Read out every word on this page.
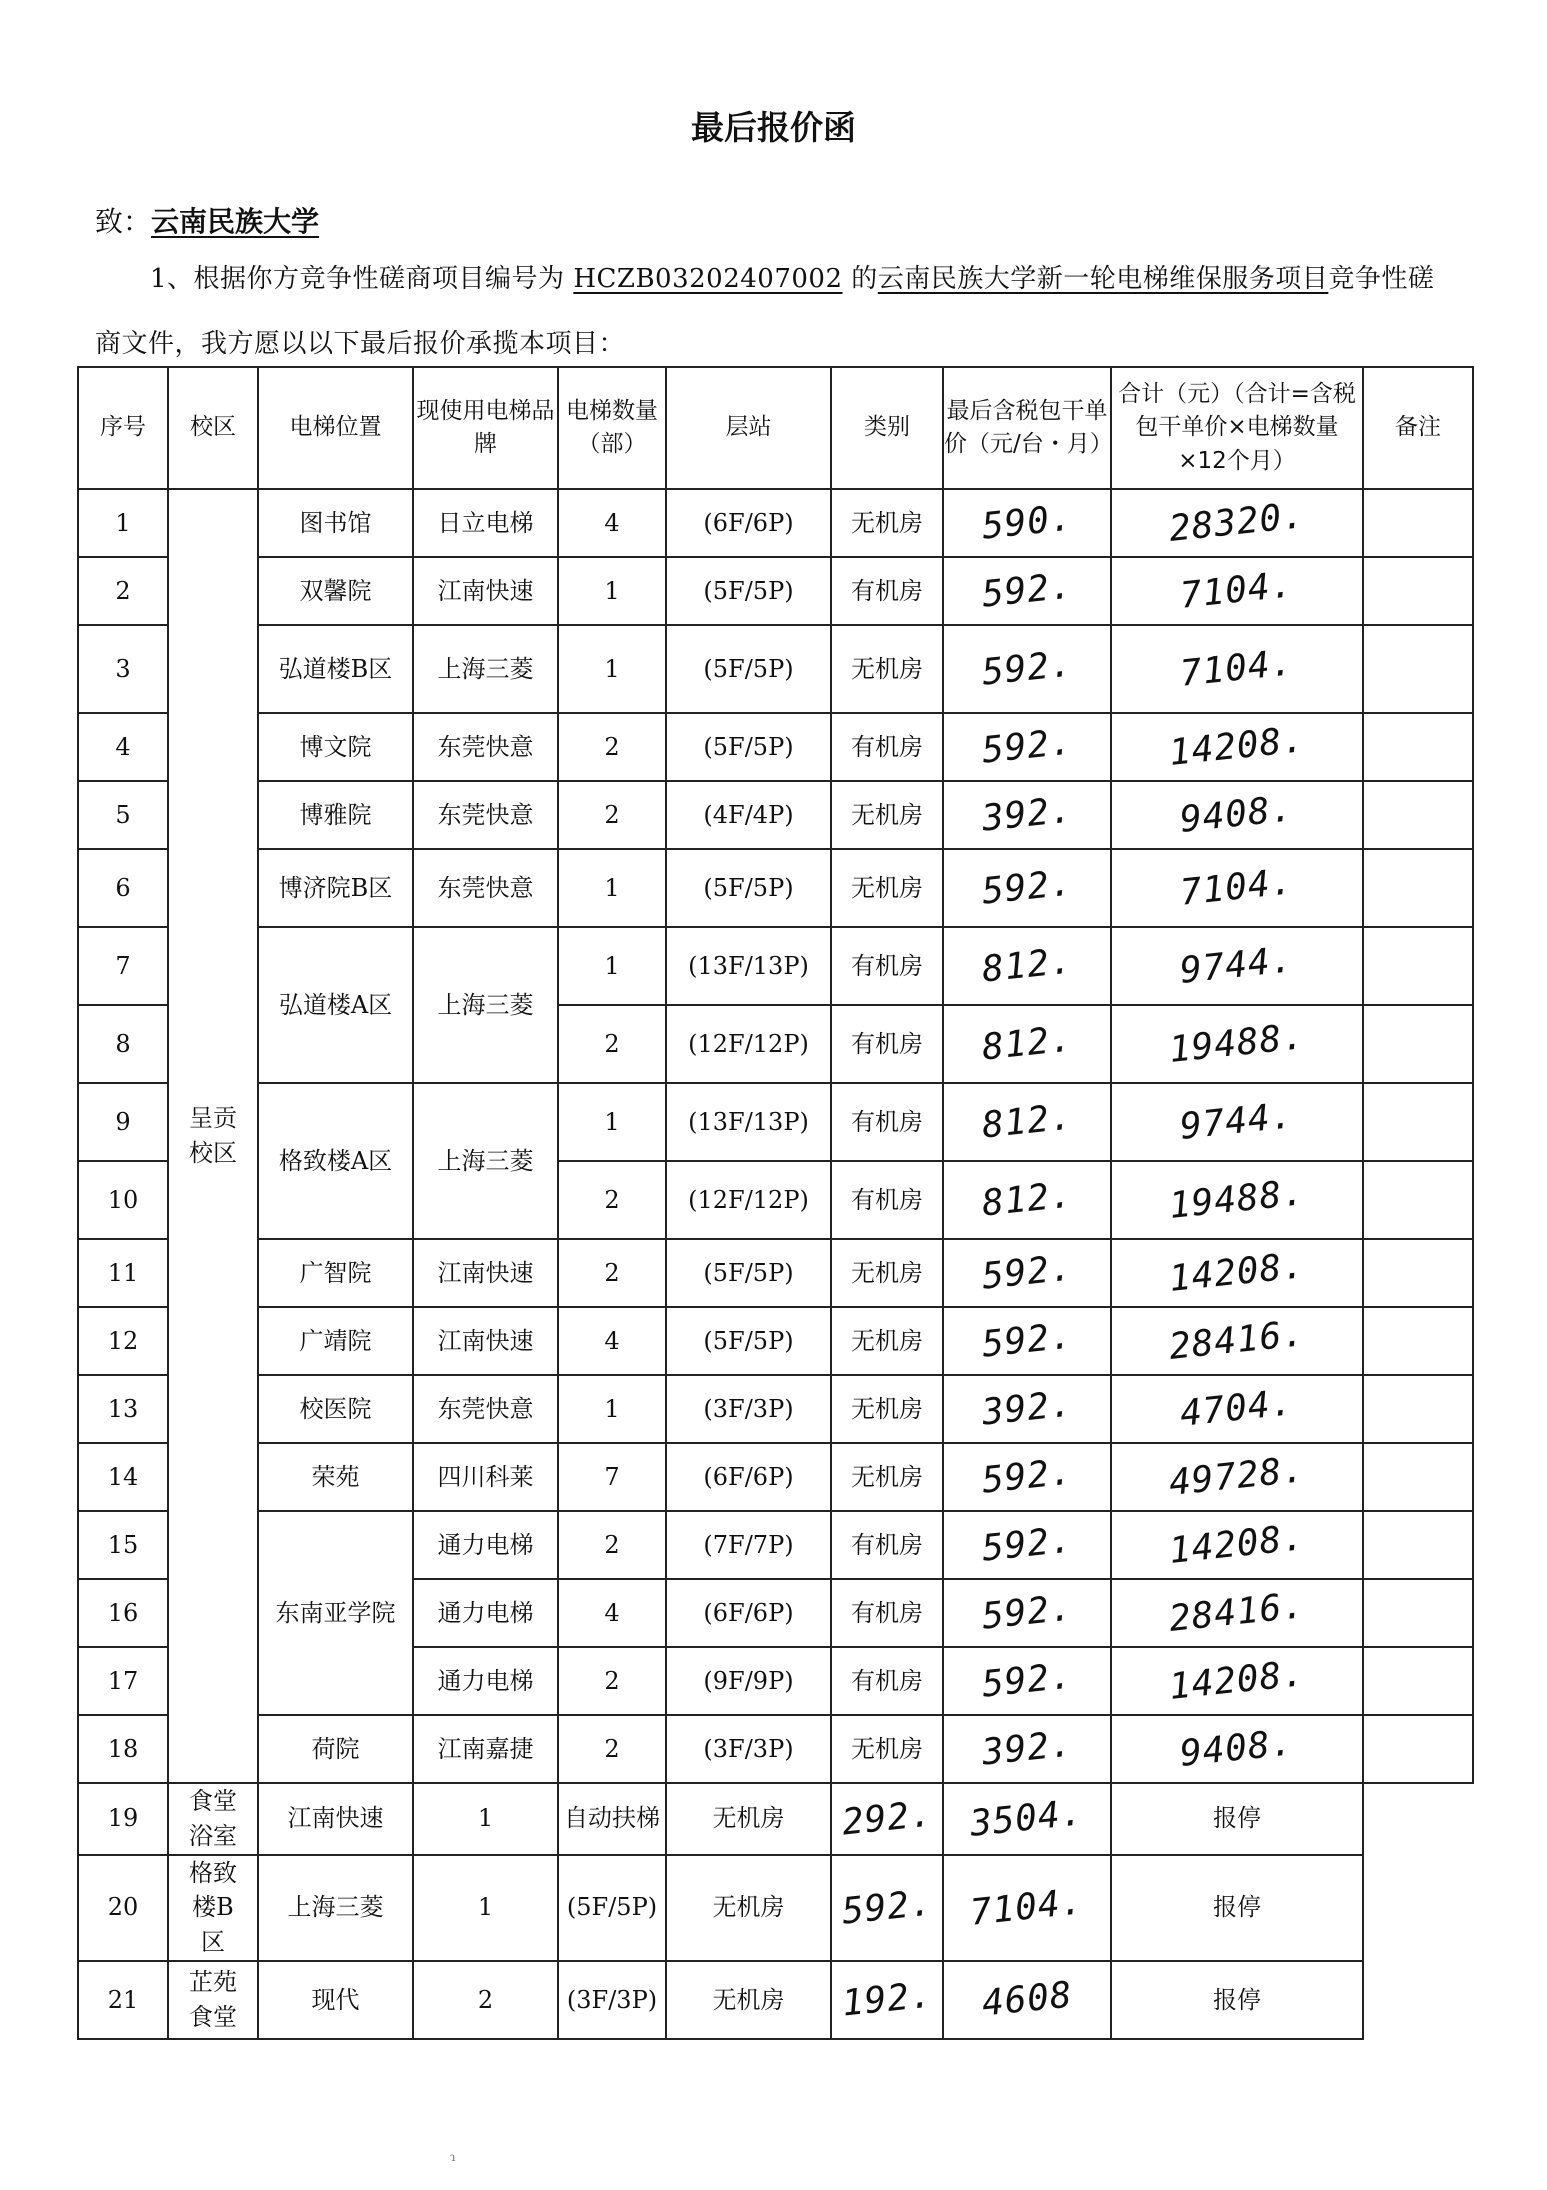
最后报价函
致：云南民族大学
1、根据你方竞争性磋商项目编号为 HCZB03202407002 的云南民族大学新一轮电梯维保服务项目竞争性磋
商文件，我方愿以以下最后报价承揽本项目：
序号	校区	电梯位置	现使用电梯品牌	电梯数量（部）	层站	类别	最后含税包干单价（元/台・月）	合计（元）（合计=含税包干单价×电梯数量×12个月）	备注
1	呈贡校区	图书馆	日立电梯	4	(6F/6P)	无机房	590.	28320.	
2		双馨院	江南快速	1	(5F/5P)	有机房	592.	7104.	
3		弘道楼B区	上海三菱	1	(5F/5P)	无机房	592.	7104.	
4		博文院	东莞快意	2	(5F/5P)	有机房	592.	14208.	
5		博雅院	东莞快意	2	(4F/4P)	无机房	392.	9408.	
6		博济院B区	东莞快意	1	(5F/5P)	无机房	592.	7104.	
7		弘道楼A区	上海三菱	1	(13F/13P)	有机房	812.	9744.	
8				2	(12F/12P)	有机房	812.	19488.	
9		格致楼A区	上海三菱	1	(13F/13P)	有机房	812.	9744.	
10				2	(12F/12P)	有机房	812.	19488.	
11		广智院	江南快速	2	(5F/5P)	无机房	592.	14208.	
12		广靖院	江南快速	4	(5F/5P)	无机房	592.	28416.	
13		校医院	东莞快意	1	(3F/3P)	无机房	392.	4704.	
14		荣苑	四川科莱	7	(6F/6P)	无机房	592.	49728.	
15		东南亚学院	通力电梯	2	(7F/7P)	有机房	592.	14208.	
16			通力电梯	4	(6F/6P)	有机房	592.	28416.	
17			通力电梯	2	(9F/9P)	有机房	592.	14208.	
18		荷院	江南嘉捷	2	(3F/3P)	无机房	392.	9408.	
19	食堂浴室	江南快速	1	自动扶梯	无机房	292.	3504.	报停	
20	格致楼B区	上海三菱	1	(5F/5P)	无机房	592.	7104.	报停	
21	芷苑食堂	现代	2	(3F/3P)	无机房	192.	4608	报停	
ɿ
